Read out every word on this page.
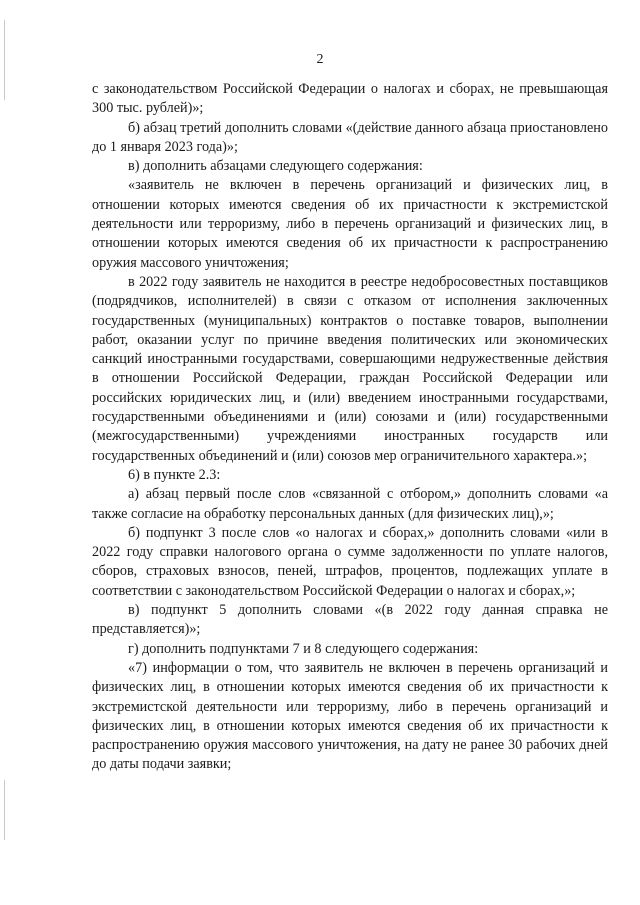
2

с законодательством Российской Федерации о налогах и сборах, не превышающая 300 тыс. рублей)»;

б) абзац третий дополнить словами «(действие данного абзаца приостановлено до 1 января 2023 года)»;

в) дополнить абзацами следующего содержания:

«заявитель не включен в перечень организаций и физических лиц, в отношении которых имеются сведения об их причастности к экстремистской деятельности или терроризму, либо в перечень организаций и физических лиц, в отношении которых имеются сведения об их причастности к распространению оружия массового уничтожения;

в 2022 году заявитель не находится в реестре недобросовестных поставщиков (подрядчиков, исполнителей) в связи с отказом от исполнения заключенных государственных (муниципальных) контрактов о поставке товаров, выполнении работ, оказании услуг по причине введения политических или экономических санкций иностранными государствами, совершающими недружественные действия в отношении Российской Федерации, граждан Российской Федерации или российских юридических лиц, и (или) введением иностранными государствами, государственными объединениями и (или) союзами и (или) государственными (межгосударственными) учреждениями иностранных государств или государственных объединений и (или) союзов мер ограничительного характера.»;

6) в пункте 2.3:

а) абзац первый после слов «связанной с отбором,» дополнить словами «а также согласие на обработку персональных данных (для физических лиц),»;

б) подпункт 3 после слов «о налогах и сборах,» дополнить словами «или в 2022 году справки налогового органа о сумме задолженности по уплате налогов, сборов, страховых взносов, пеней, штрафов, процентов, подлежащих уплате в соответствии с законодательством Российской Федерации о налогах и сборах,»;

в) подпункт 5 дополнить словами «(в 2022 году данная справка не представляется)»;

г) дополнить подпунктами 7 и 8 следующего содержания:

«7) информации о том, что заявитель не включен в перечень организаций и физических лиц, в отношении которых имеются сведения об их причастности к экстремистской деятельности или терроризму, либо в перечень организаций и физических лиц, в отношении которых имеются сведения об их причастности к распространению оружия массового уничтожения, на дату не ранее 30 рабочих дней до даты подачи заявки;
